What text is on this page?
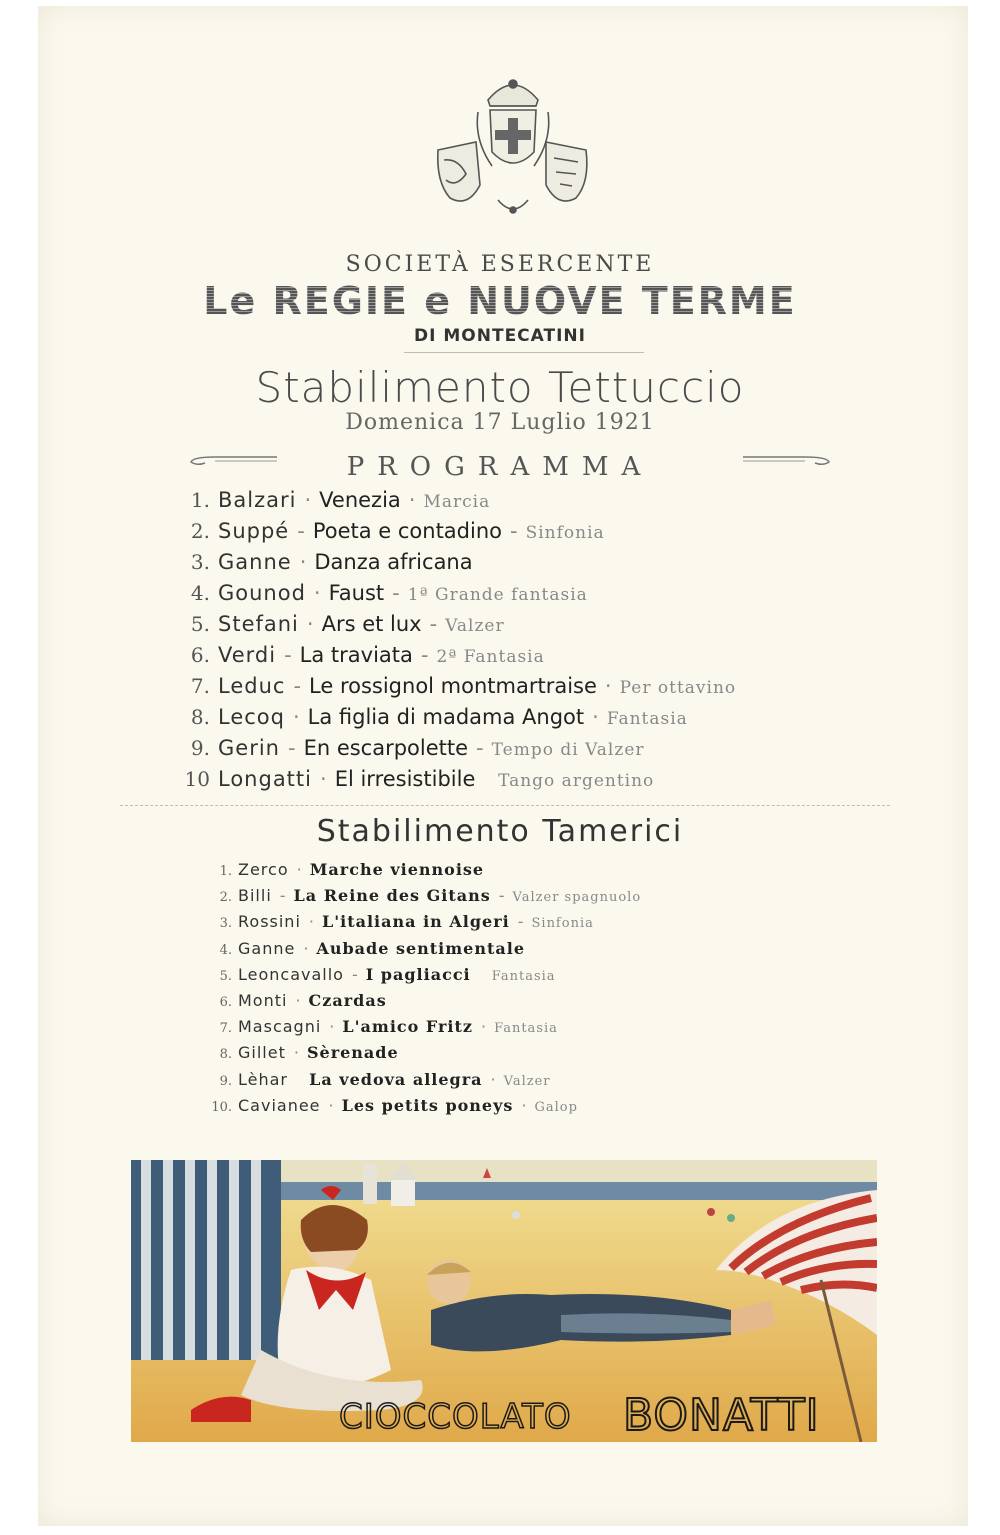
SOCIETÀ ESERCENTE
Le REGIE e NUOVE TERME
DI MONTECATINI
Stabilimento Tettuccio
Domenica 17 Luglio 1921
PROGRAMMA
1. Balzari · Venezia · Marcia
2. Suppé - Poeta e contadino - Sinfonia
3. Ganne · Danza africana
4. Gounod · Faust - 1ª Grande fantasia
5. Stefani · Ars et lux - Valzer
6. Verdi - La traviata - 2ª Fantasia
7. Leduc - Le rossignol montmartraise · Per ottavino
8. Lecoq · La figlia di madama Angot · Fantasia
9. Gerin - En escarpolette - Tempo di Valzer
10 Longatti · El irresistibile Tango argentino
Stabilimento Tamerici
1. Zerco · Marche viennoise
2. Billi - La Reine des Gitans - Valzer spagnuolo
3. Rossini · L'italiana in Algeri - Sinfonia
4. Ganne · Aubade sentimentale
5. Leoncavallo - I pagliacci Fantasia
6. Monti · Czardas
7. Mascagni · L'amico Fritz · Fantasia
8. Gillet · Sèrenade
9. Lèhar La vedova allegra · Valzer
10. Cavianee · Les petits poneys · Galop
CIOCCOLATO BONATTI
